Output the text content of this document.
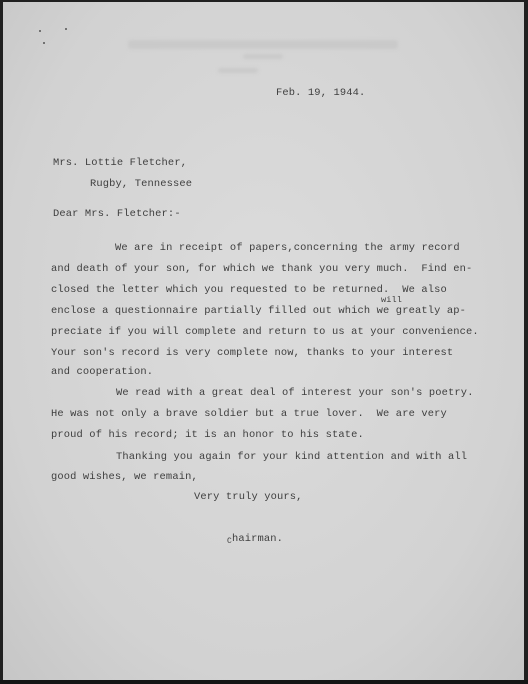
Feb. 19, 1944.
Mrs. Lottie Fletcher,
Rugby, Tennessee
Dear Mrs. Fletcher:-
We are in receipt of papers,concerning the army record
and death of your son, for which we thank you very much.  Find en-
closed the letter which you requested to be returned.  We also
will
enclose a questionnaire partially filled out which we greatly ap-
preciate if you will complete and return to us at your convenience.
Your son's record is very complete now, thanks to your interest
and cooperation.
We read with a great deal of interest your son's poetry.
He was not only a brave soldier but a true lover.  We are very
proud of his record; it is an honor to his state.
Thanking you again for your kind attention and with all
good wishes, we remain,
Very truly yours,
Chairman.
